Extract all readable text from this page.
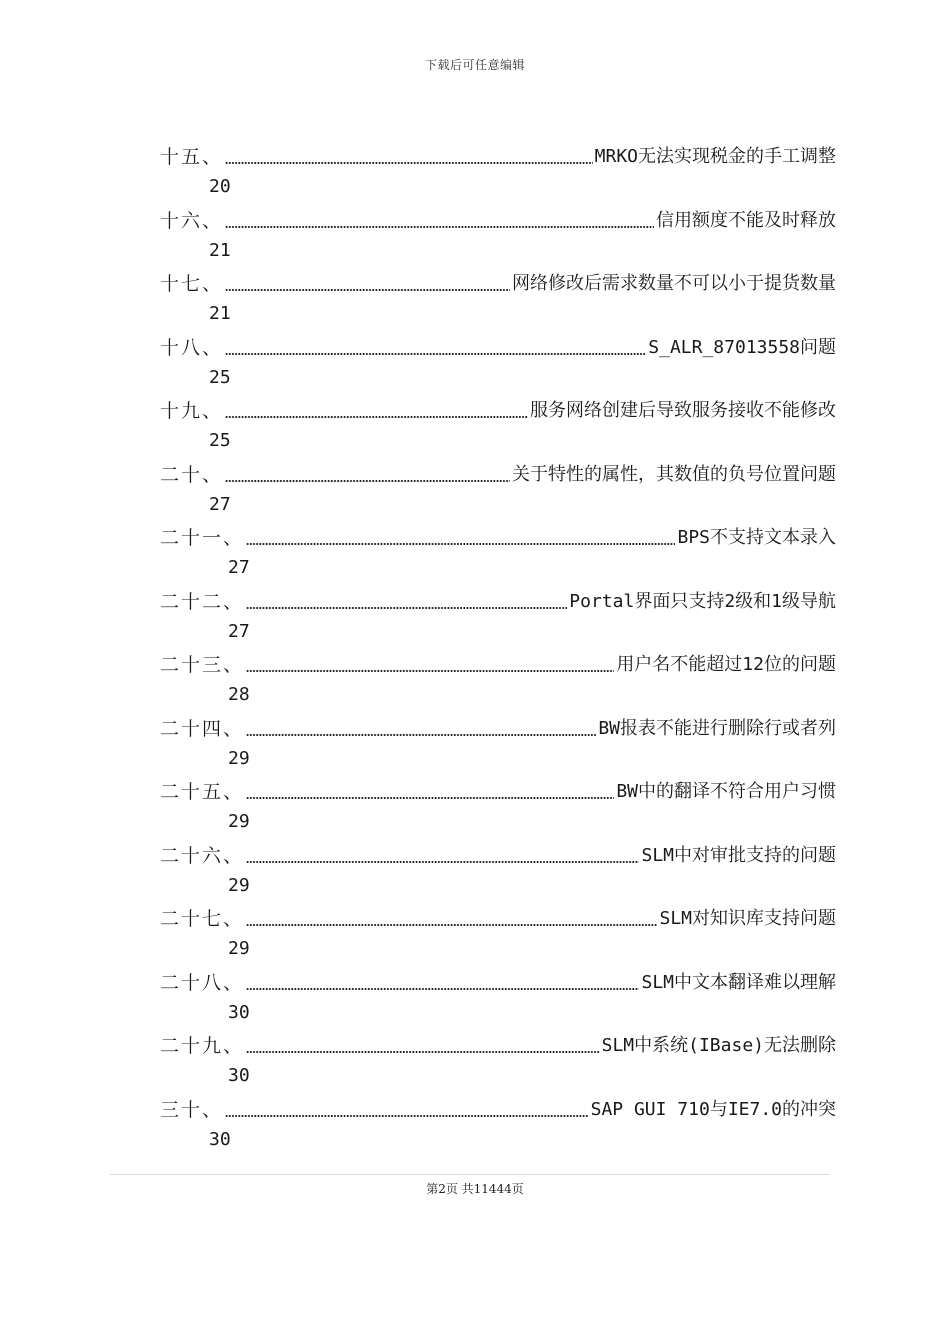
下载后可任意编辑
十五、	MRKO无法实现税金的手工调整
20
十六、	信用额度不能及时释放
21
十七、	网络修改后需求数量不可以小于提货数量
21
十八、	S_ALR_87013558问题
25
十九、	服务网络创建后导致服务接收不能修改
25
二十、	关于特性的属性，其数值的负号位置问题
27
二十一、	BPS不支持文本录入
27
二十二、	Portal界面只支持2级和1级导航
27
二十三、	用户名不能超过12位的问题
28
二十四、	BW报表不能进行删除行或者列
29
二十五、	BW中的翻译不符合用户习惯
29
二十六、	SLM中对审批支持的问题
29
二十七、	SLM对知识库支持问题
29
二十八、	SLM中文本翻译难以理解
30
二十九、	SLM中系统(IBase)无法删除
30
三十、	SAP GUI 710与IE7.0的冲突
30
第2页 共11444页
